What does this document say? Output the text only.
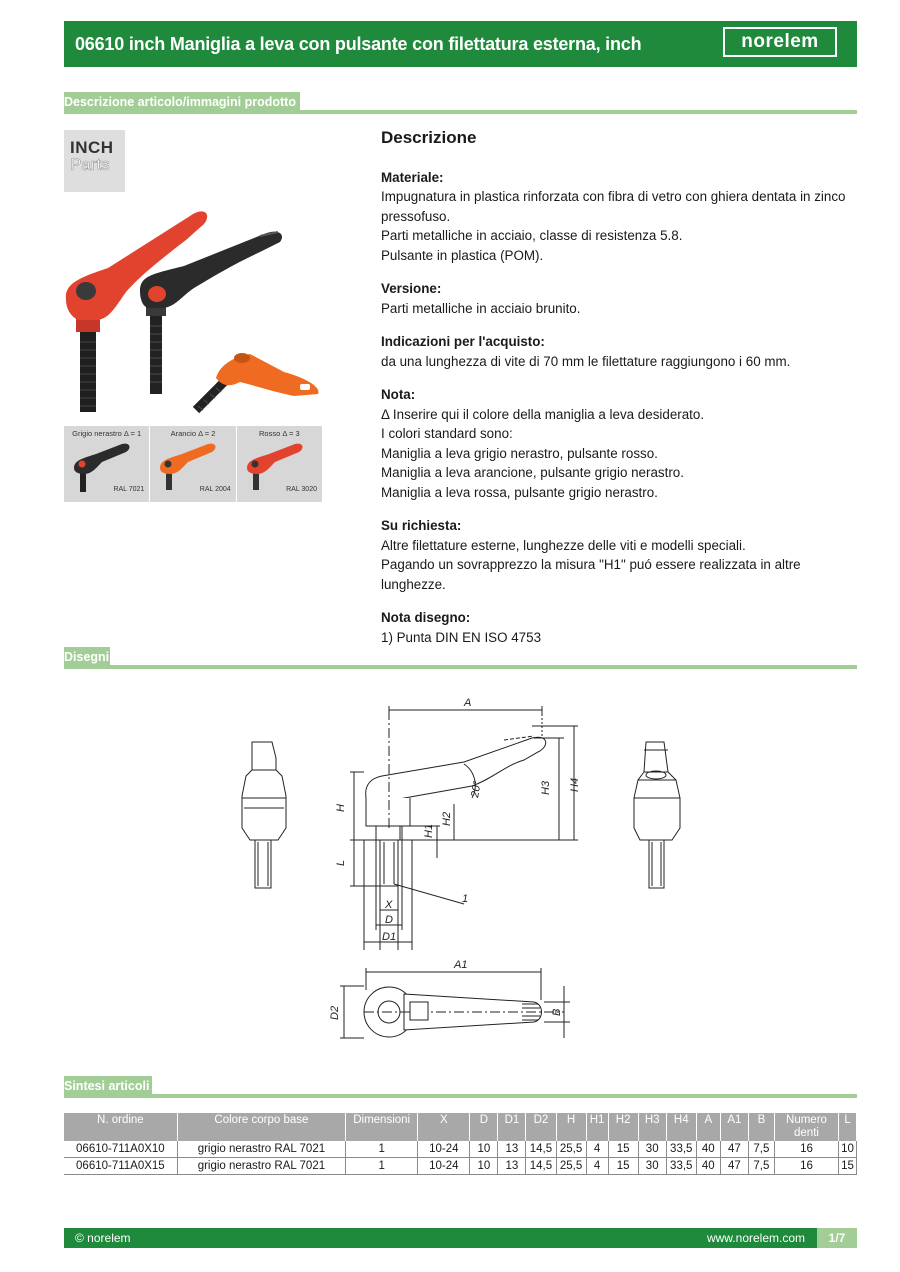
06610 inch Maniglia a leva con pulsante con filettatura esterna, inch	norelem
Descrizione articolo/immagini prodotto
INCH
Parts
Grigio nerastro Δ = 1
RAL 7021
Arancio Δ = 2
RAL 2004
Rosso Δ = 3
RAL 3020
Descrizione
Materiale:

Impugnatura in plastica rinforzata con fibra di vetro con ghiera dentata in zinco pressofuso.

Parti metalliche in acciaio, classe di resistenza 5.8.

Pulsante in plastica (POM).

Versione:

Parti metalliche in acciaio brunito.

Indicazioni per l'acquisto:

da una lunghezza di vite di 70 mm le filettature raggiungono i 60 mm.

Nota:

Δ Inserire qui il colore della maniglia a leva desiderato.

I colori standard sono:

Maniglia a leva grigio nerastro, pulsante rosso.

Maniglia a leva arancione, pulsante grigio nerastro.

Maniglia a leva rossa, pulsante grigio nerastro.

Su richiesta:

Altre filettature esterne, lunghezze delle viti e modelli speciali.

Pagando un sovrapprezzo la misura "H1" puó essere realizzata in altre lunghezze.

Nota disegno:

1) Punta DIN EN ISO 4753

Disegni
A
H3 H4
H
L
H1
H2
20°
X
D
D1
1
A1
D2	B
Sintesi articoli
N. ordine	Colore corpo base	Dimensioni	X	D	D1	D2	H	H1	H2	H3	H4	A	A1	B	Numero denti	L
06610-711A0X10	grigio nerastro RAL 7021	1	10-24	10	13	14,5	25,5	4	15	30	33,5	40	47	7,5	16	10
06610-711A0X15	grigio nerastro RAL 7021	1	10-24	10	13	14,5	25,5	4	15	30	33,5	40	47	7,5	16	15
© norelem	www.norelem.com	1/7
